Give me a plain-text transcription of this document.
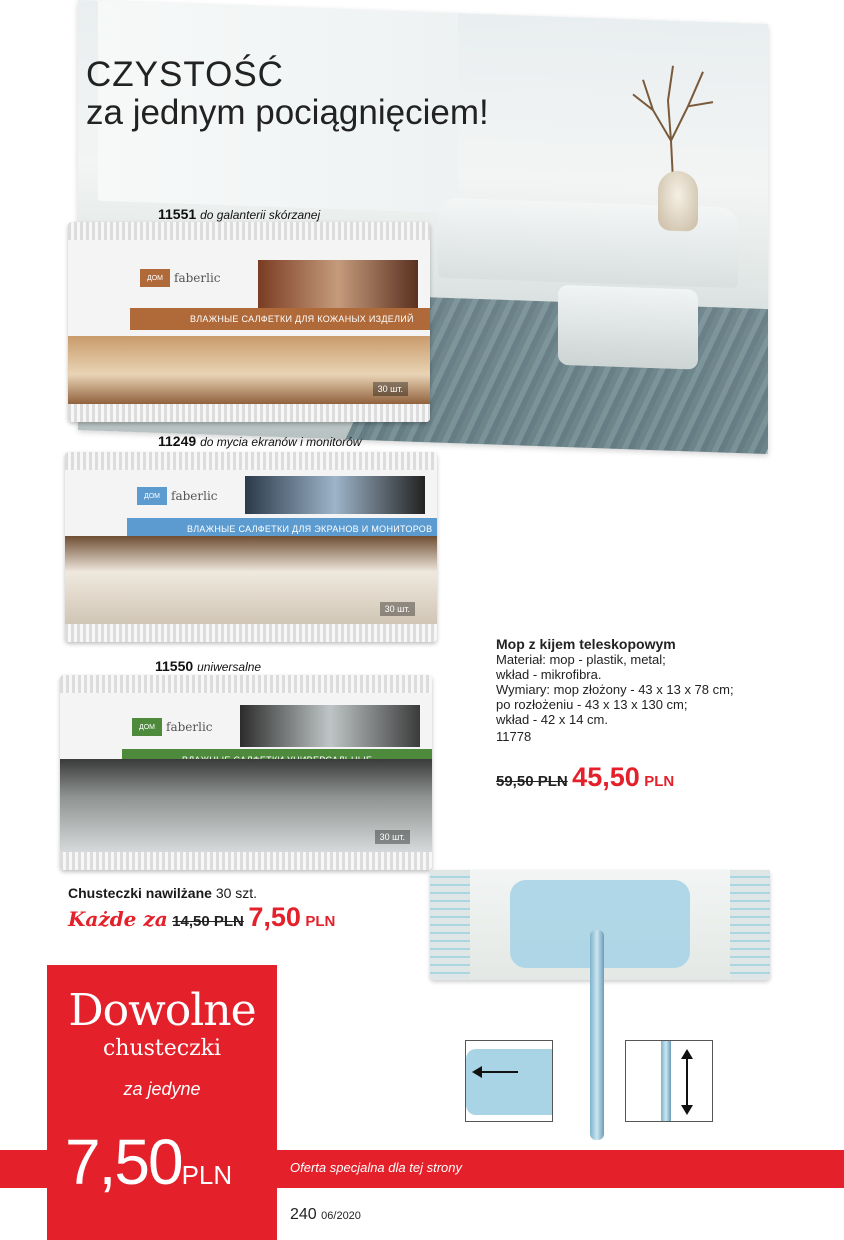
CZYSTOŚĆ
za jednym pociągnięciem!
11551 do galanterii skórzanej
ДОМ faberlic
ВЛАЖНЫЕ САЛФЕТКИ ДЛЯ КОЖАНЫХ ИЗДЕЛИЙ
30 шт.
11249 do mycia ekranów i monitorów
ДОМ faberlic
ВЛАЖНЫЕ САЛФЕТКИ ДЛЯ ЭКРАНОВ И МОНИТОРОВ
30 шт.
11550 uniwersalne
ДОМ faberlic
30 шт.
Mop z kijem teleskopowym
Materiał: mop - plastik, metal;
wkład - mikrofibra.
Wymiary: mop złożony - 43 x 13 x 78 cm;
po rozłożeniu - 43 x 13 x 130 cm;
wkład - 42 x 14 cm.
11778
59,50 PLN 45,50 PLN
Chusteczki nawilżane 30 szt.
Każde za 14,50 PLN 7,50 PLN
Oferta specjalna dla tej strony
Dowolne
chusteczki
za jedyne
7,50PLN
240 06/2020
